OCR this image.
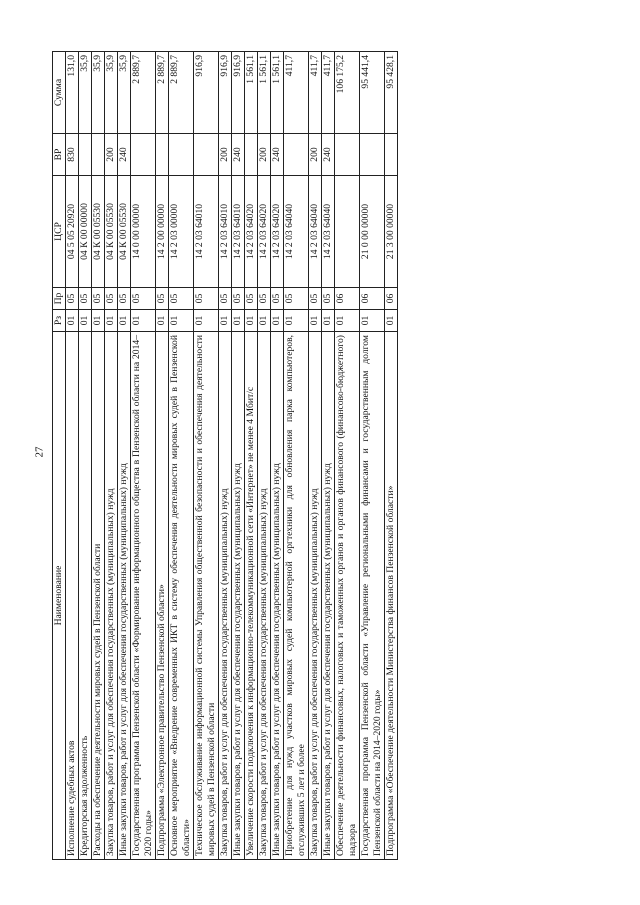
27
Наименование	Рз	Пр	ЦСР	ВР	Сумма
Исполнение судебных актов	01	05	04 5 05 20920	830	131,0
Кредиторская задолженность	01	05	04 К 00 00000		35,9
Расходы на обеспечение деятельности мировых судей в Пензенской области	01	05	04 К 00 05530		35,9
Закупка товаров, работ и услуг для обеспечения государственных (муниципальных) нужд	01	05	04 К 00 05530	200	35,9
Иные закупки товаров, работ и услуг для обеспечения государственных (муниципальных) нужд	01	05	04 К 00 05530	240	35,9
Государственная программа Пензенской области «Формирование информационного общества в Пензенской области на 2014–2020 годы»	01	05	14 0 00 00000		2 889,7
Подпрограмма «Электронное правительство Пензенской области»	01	05	14 2 00 00000		2 889,7
Основное мероприятие «Внедрение современных ИКТ в систему обеспечения деятельности мировых судей в Пензенской области»	01	05	14 2 03 00000		2 889,7
Техническое обслуживание информационной системы Управления общественной безопасности и обеспечения деятельности мировых судей в Пензенской области	01	05	14 2 03 64010		916,9
Закупка товаров, работ и услуг для обеспечения государственных (муниципальных) нужд	01	05	14 2 03 64010	200	916,9
Иные закупки товаров, работ и услуг для обеспечения государственных (муниципальных) нужд	01	05	14 2 03 64010	240	916,9
Увеличение скорости подключения к информационно-телекоммуникационной сети «Интернет» не менее 4 Мбит/с	01	05	14 2 03 64020		1 561,1
Закупка товаров, работ и услуг для обеспечения государственных (муниципальных) нужд	01	05	14 2 03 64020	200	1 561,1
Иные закупки товаров, работ и услуг для обеспечения государственных (муниципальных) нужд	01	05	14 2 03 64020	240	1 561,1
Приобретение для нужд участков мировых судей компьютерной оргтехники для обновления парка компьютеров, отслуживших 5 лет и более	01	05	14 2 03 64040		411,7
Закупка товаров, работ и услуг для обеспечения государственных (муниципальных) нужд	01	05	14 2 03 64040	200	411,7
Иные закупки товаров, работ и услуг для обеспечения государственных (муниципальных) нужд	01	05	14 2 03 64040	240	411,7
Обеспечение деятельности финансовых, налоговых и таможенных органов и органов финансового (финансово-бюджетного) надзора	01	06			106 175,2
Государственная программа Пензенской области «Управление региональными финансами и государственным долгом Пензенской области на 2014–2020 годы»	01	06	21 0 00 00000		95 441,4
Подпрограмма «Обеспечение деятельности Министерства финансов Пензенской области»	01	06	21 3 00 00000		95 428,1
